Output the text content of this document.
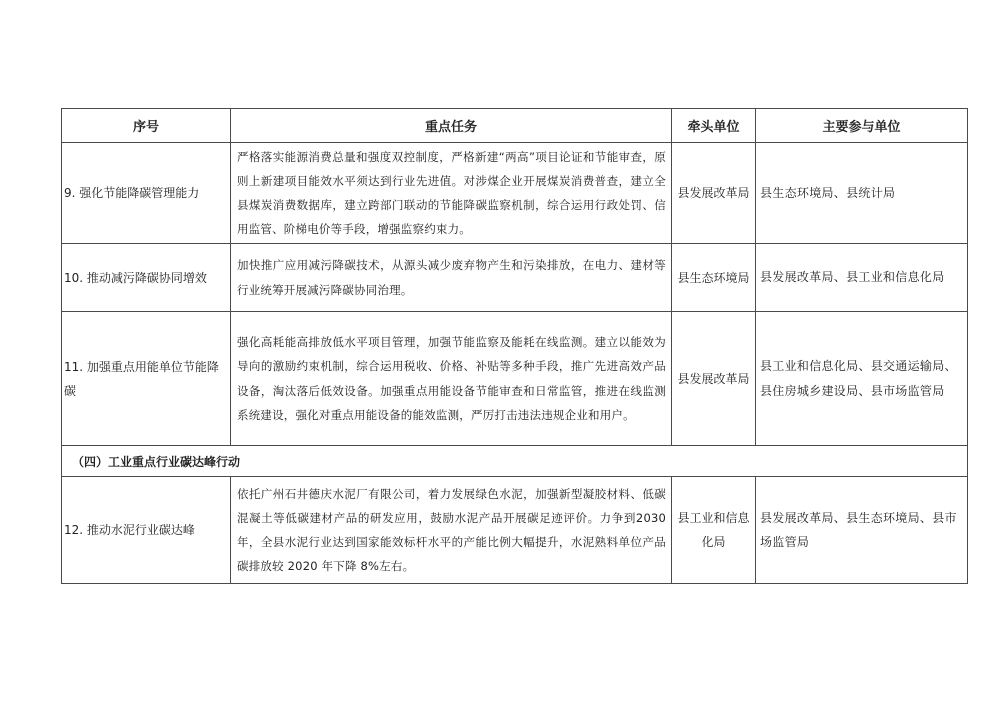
序号	重点任务	牵头单位	主要参与单位
9. 强化节能降碳管理能力	严格落实能源消费总量和强度双控制度，严格新建“两高”项目论证和节能审查，原则上新建项目能效水平须达到行业先进值。对涉煤企业开展煤炭消费普查，建立全县煤炭消费数据库，建立跨部门联动的节能降碳监察机制，综合运用行政处罚、信用监管、阶梯电价等手段，增强监察约束力。	县发展改革局	县生态环境局、县统计局
10. 推动减污降碳协同增效	加快推广应用减污降碳技术，从源头减少废弃物产生和污染排放，在电力、建材等行业统筹开展减污降碳协同治理。	县生态环境局	县发展改革局、县工业和信息化局
11. 加强重点用能单位节能降碳	强化高耗能高排放低水平项目管理，加强节能监察及能耗在线监测。建立以能效为导向的激励约束机制，综合运用税收、价格、补贴等多种手段，推广先进高效产品设备，淘汰落后低效设备。加强重点用能设备节能审查和日常监管，推进在线监测系统建设，强化对重点用能设备的能效监测，严厉打击违法违规企业和用户。	县发展改革局	县工业和信息化局、县交通运输局、县住房城乡建设局、县市场监管局
（四）工业重点行业碳达峰行动			
12. 推动水泥行业碳达峰	依托广州石井德庆水泥厂有限公司，着力发展绿色水泥，加强新型凝胶材料、低碳混凝土等低碳建材产品的研发应用，鼓励水泥产品开展碳足迹评价。力争到2030 年，全县水泥行业达到国家能效标杆水平的产能比例大幅提升，水泥熟料单位产品碳排放较 2020 年下降 8%左右。	县工业和信息化局	县发展改革局、县生态环境局、县市场监管局
